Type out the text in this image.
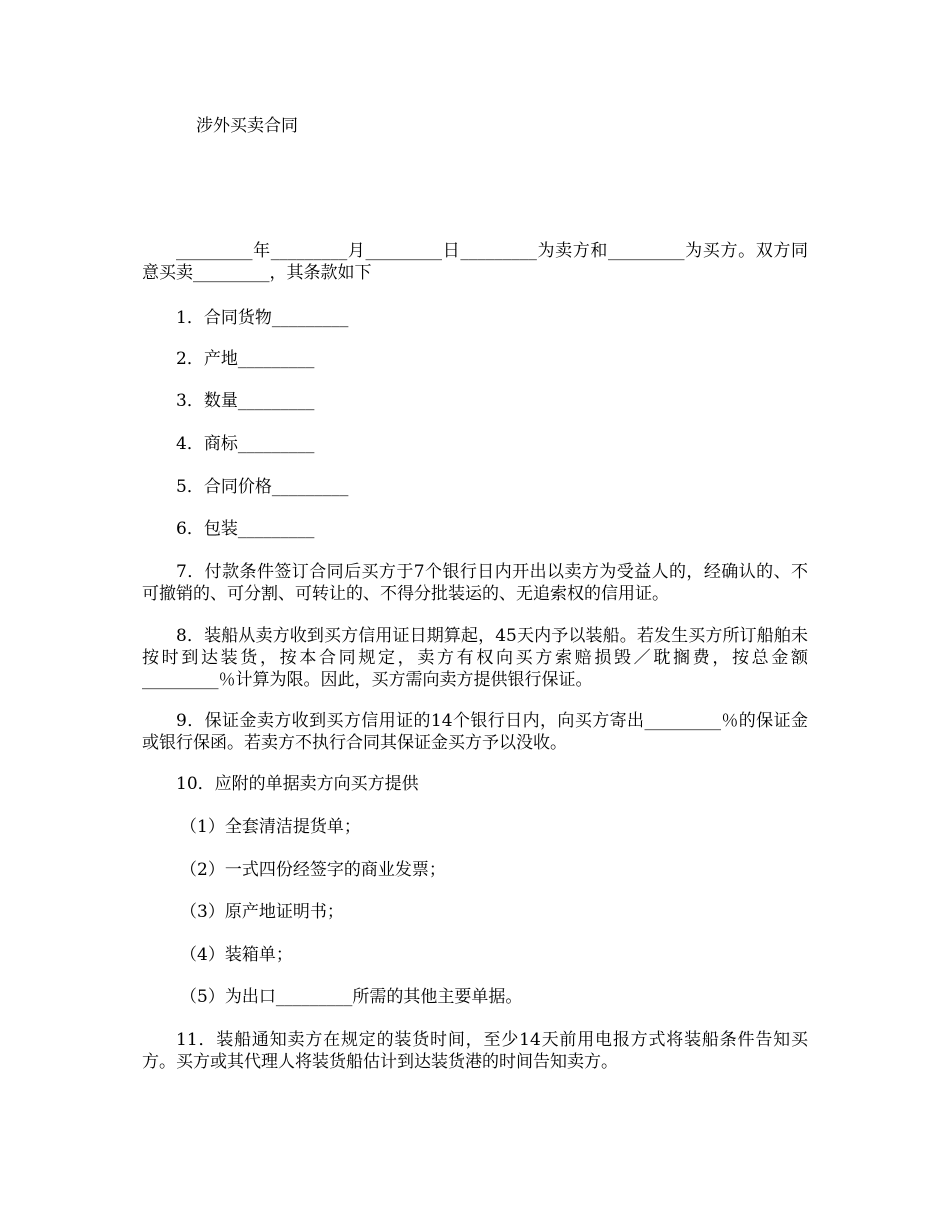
涉外买卖合同

_________年_________月_________日_________为卖方和_________为买方。双方同意买卖_________，其条款如下

1．合同货物_________
2．产地_________
3．数量_________
4．商标_________
5．合同价格_________
6．包装_________

7．付款条件签订合同后买方于7个银行日内开出以卖方为受益人的，经确认的、不可撤销的、可分割、可转让的、不得分批装运的、无追索权的信用证。

8．装船从卖方收到买方信用证日期算起，45天内予以装船。若发生买方所订船舶未按时到达装货，按本合同规定，卖方有权向买方索赔损毁／耽搁费，按总金额_________％计算为限。因此，买方需向卖方提供银行保证。

9．保证金卖方收到买方信用证的14个银行日内，向买方寄出_________％的保证金或银行保函。若卖方不执行合同其保证金买方予以没收。

10．应附的单据卖方向买方提供
（1）全套清洁提货单；
（2）一式四份经签字的商业发票；
（3）原产地证明书；
（4）装箱单；
（5）为出口_________所需的其他主要单据。

11．装船通知卖方在规定的装货时间，至少14天前用电报方式将装船条件告知买方。买方或其代理人将装货船估计到达装货港的时间告知卖方。
